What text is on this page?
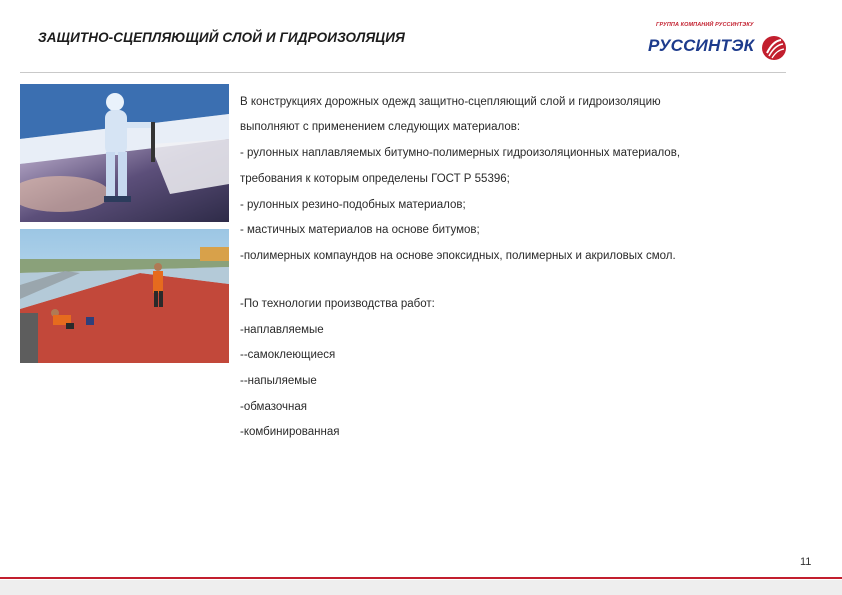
ЗАЩИТНО-СЦЕПЛЯЮЩИЙ СЛОЙ И ГИДРОИЗОЛЯЦИЯ
ГРУППА КОМПАНИЙ РУССИНТЭКУ
РУССИНТЭК
В конструкциях дорожных одежд защитно-сцепляющий слой и гидроизоляцию
выполняют с применением следующих материалов:
- рулонных наплавляемых битумно-полимерных гидроизоляционных материалов,
требования к которым определены ГОСТ Р 55396;
- рулонных резино-подобных материалов;
- мастичных материалов на основе битумов;
-полимерных компаундов на основе эпоксидных, полимерных и акриловых смол.
-По технологии производства работ:
-наплавляемые
--самоклеющиеся
--напыляемые
-обмазочная
-комбинированная
11
